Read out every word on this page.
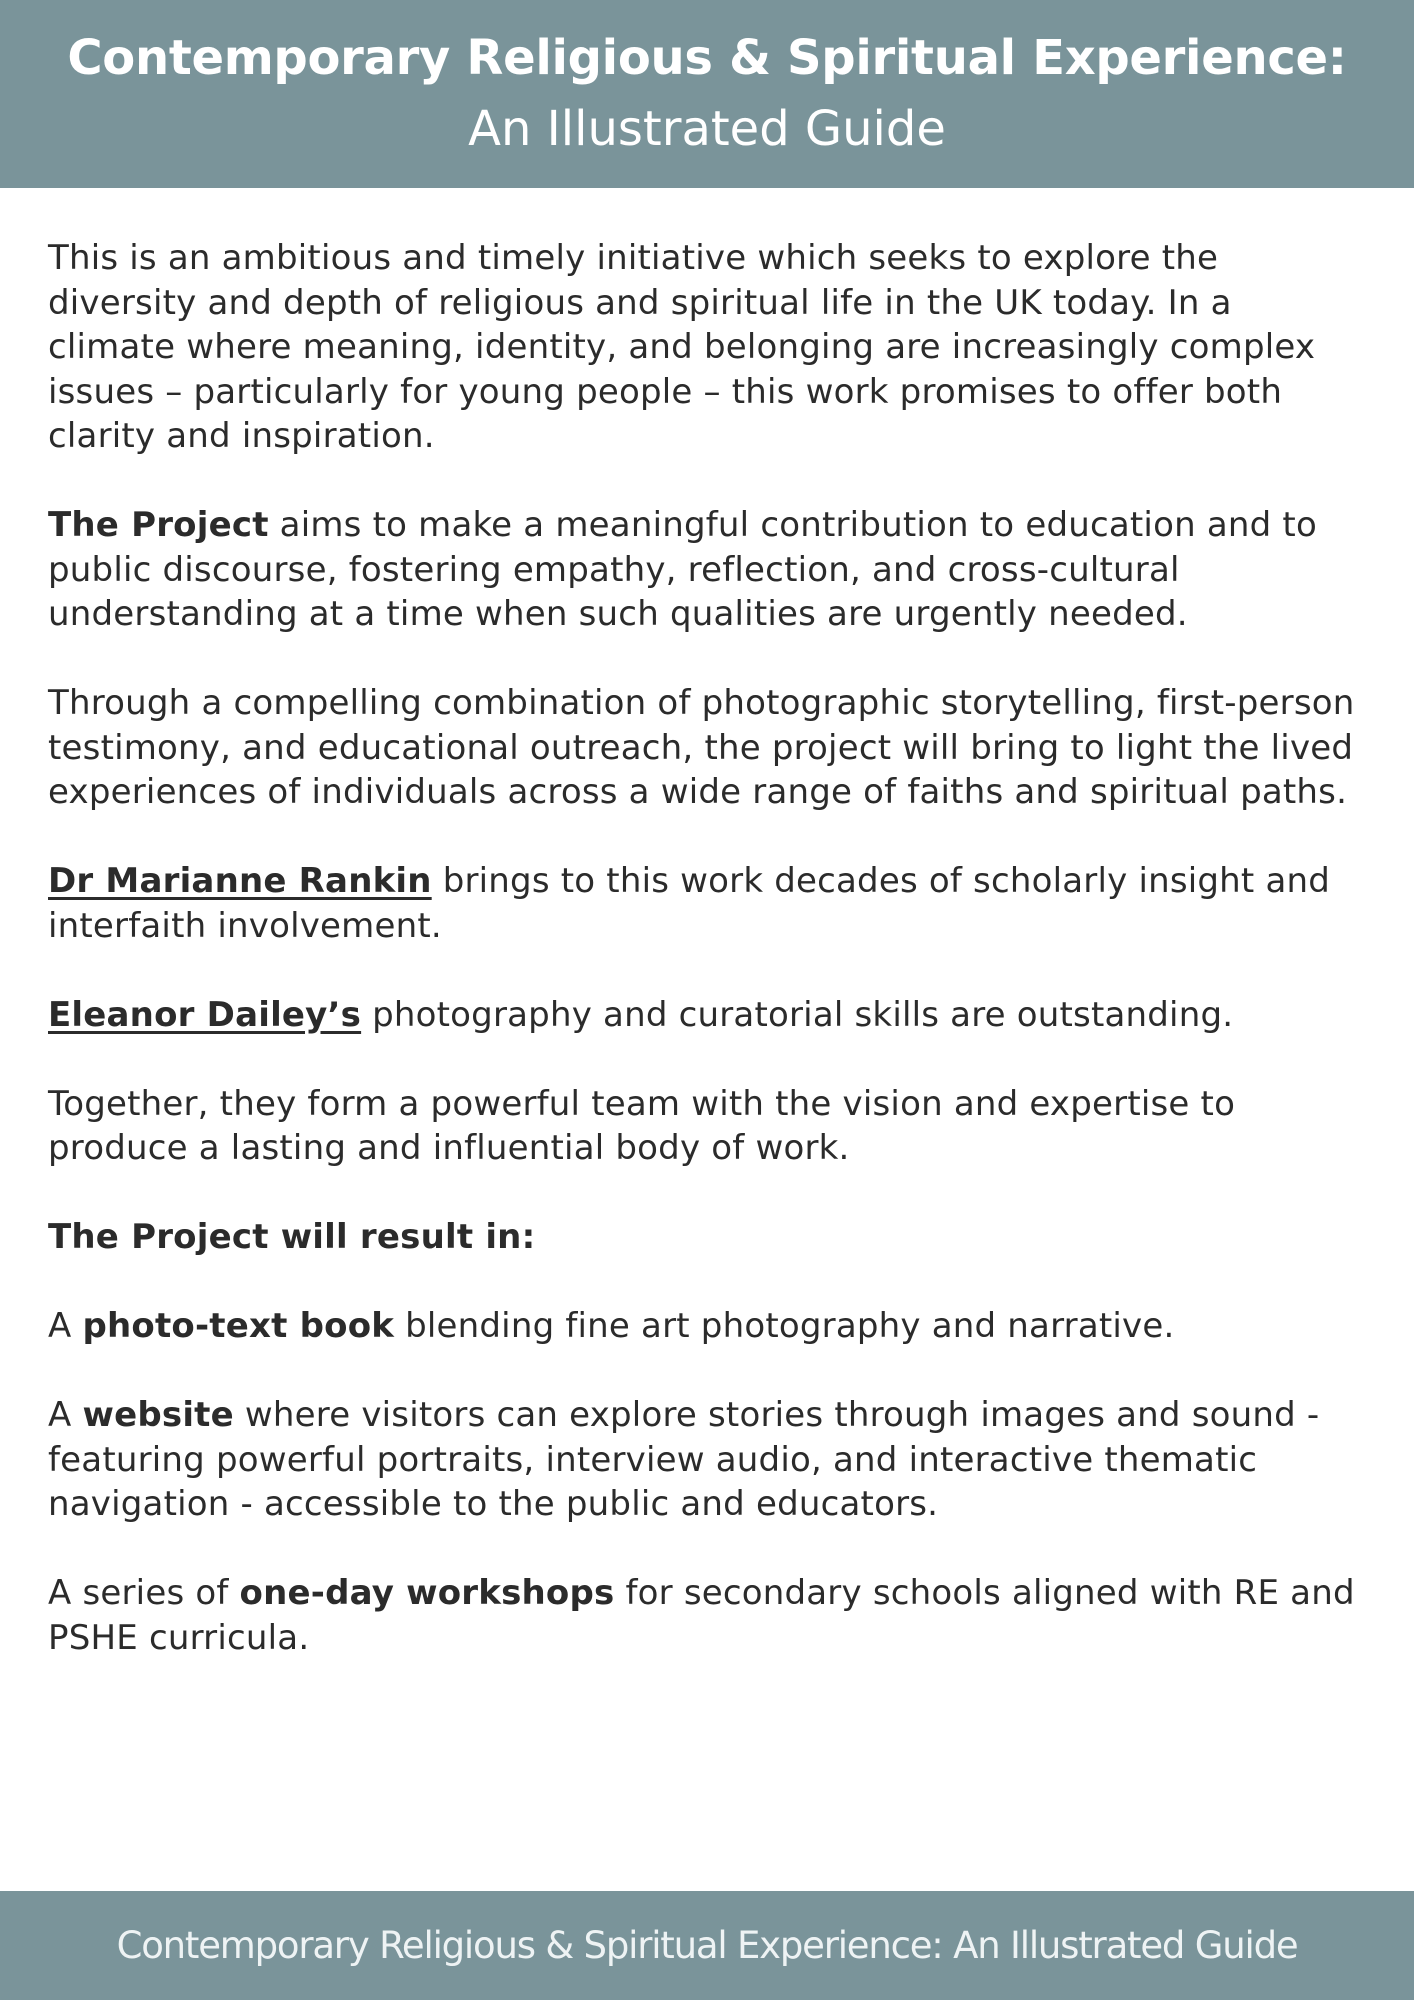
Contemporary Religious & Spiritual Experience:
An Illustrated Guide

This is an ambitious and timely initiative which seeks to explore the diversity and depth of religious and spiritual life in the UK today. In a climate where meaning, identity, and belonging are increasingly complex issues – particularly for young people – this work promises to offer both clarity and inspiration.

The Project aims to make a meaningful contribution to education and to public discourse, fostering empathy, reflection, and cross-cultural understanding at a time when such qualities are urgently needed.

Through a compelling combination of photographic storytelling, first-person testimony, and educational outreach, the project will bring to light the lived experiences of individuals across a wide range of faiths and spiritual paths.

Dr Marianne Rankin brings to this work decades of scholarly insight and interfaith involvement.

Eleanor Dailey’s photography and curatorial skills are outstanding.

Together, they form a powerful team with the vision and expertise to produce a lasting and influential body of work.

The Project will result in:

A photo-text book blending fine art photography and narrative.

A website where visitors can explore stories through images and sound - featuring powerful portraits, interview audio, and interactive thematic navigation - accessible to the public and educators.

A series of one-day workshops for secondary schools aligned with RE and PSHE curricula.

Contemporary Religious & Spiritual Experience: An Illustrated Guide
